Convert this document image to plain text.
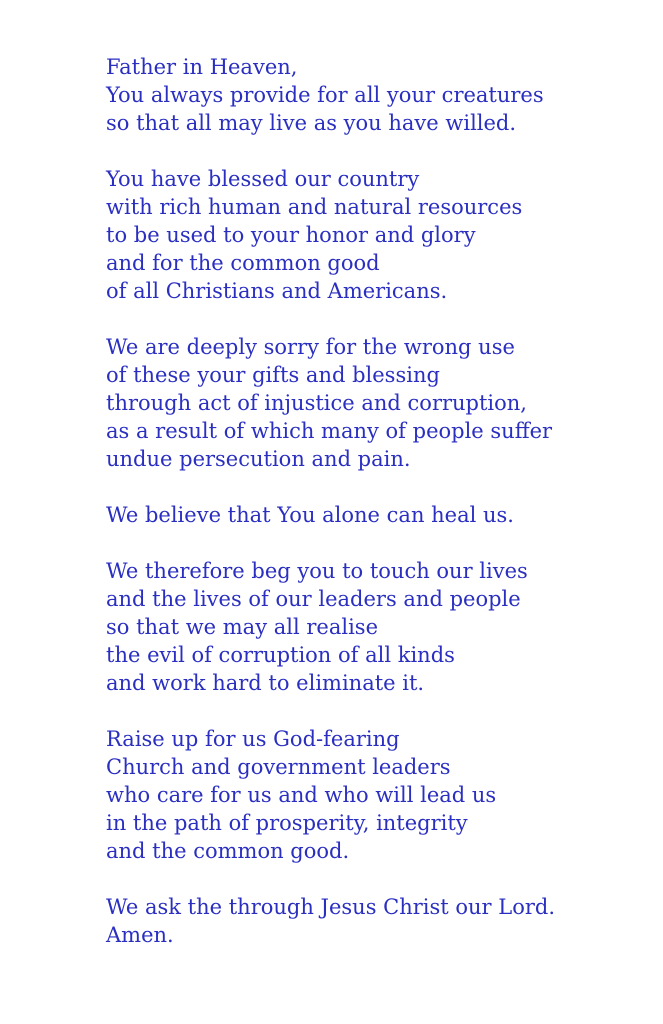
Father in Heaven,
You always provide for all your creatures
so that all may live as you have willed.
You have blessed our country
with rich human and natural resources
to be used to your honor and glory
and for the common good
of all Christians and Americans.
We are deeply sorry for the wrong use
of these your gifts and blessing
through act of injustice and corruption,
as a result of which many of people suffer
undue persecution and pain.
We believe that You alone can heal us.
We therefore beg you to touch our lives
and the lives of our leaders and people
so that we may all realise
the evil of corruption of all kinds
and work hard to eliminate it.
Raise up for us God-fearing
Church and government leaders
who care for us and who will lead us
in the path of prosperity, integrity
and the common good.
We ask the through Jesus Christ our Lord.
Amen.
